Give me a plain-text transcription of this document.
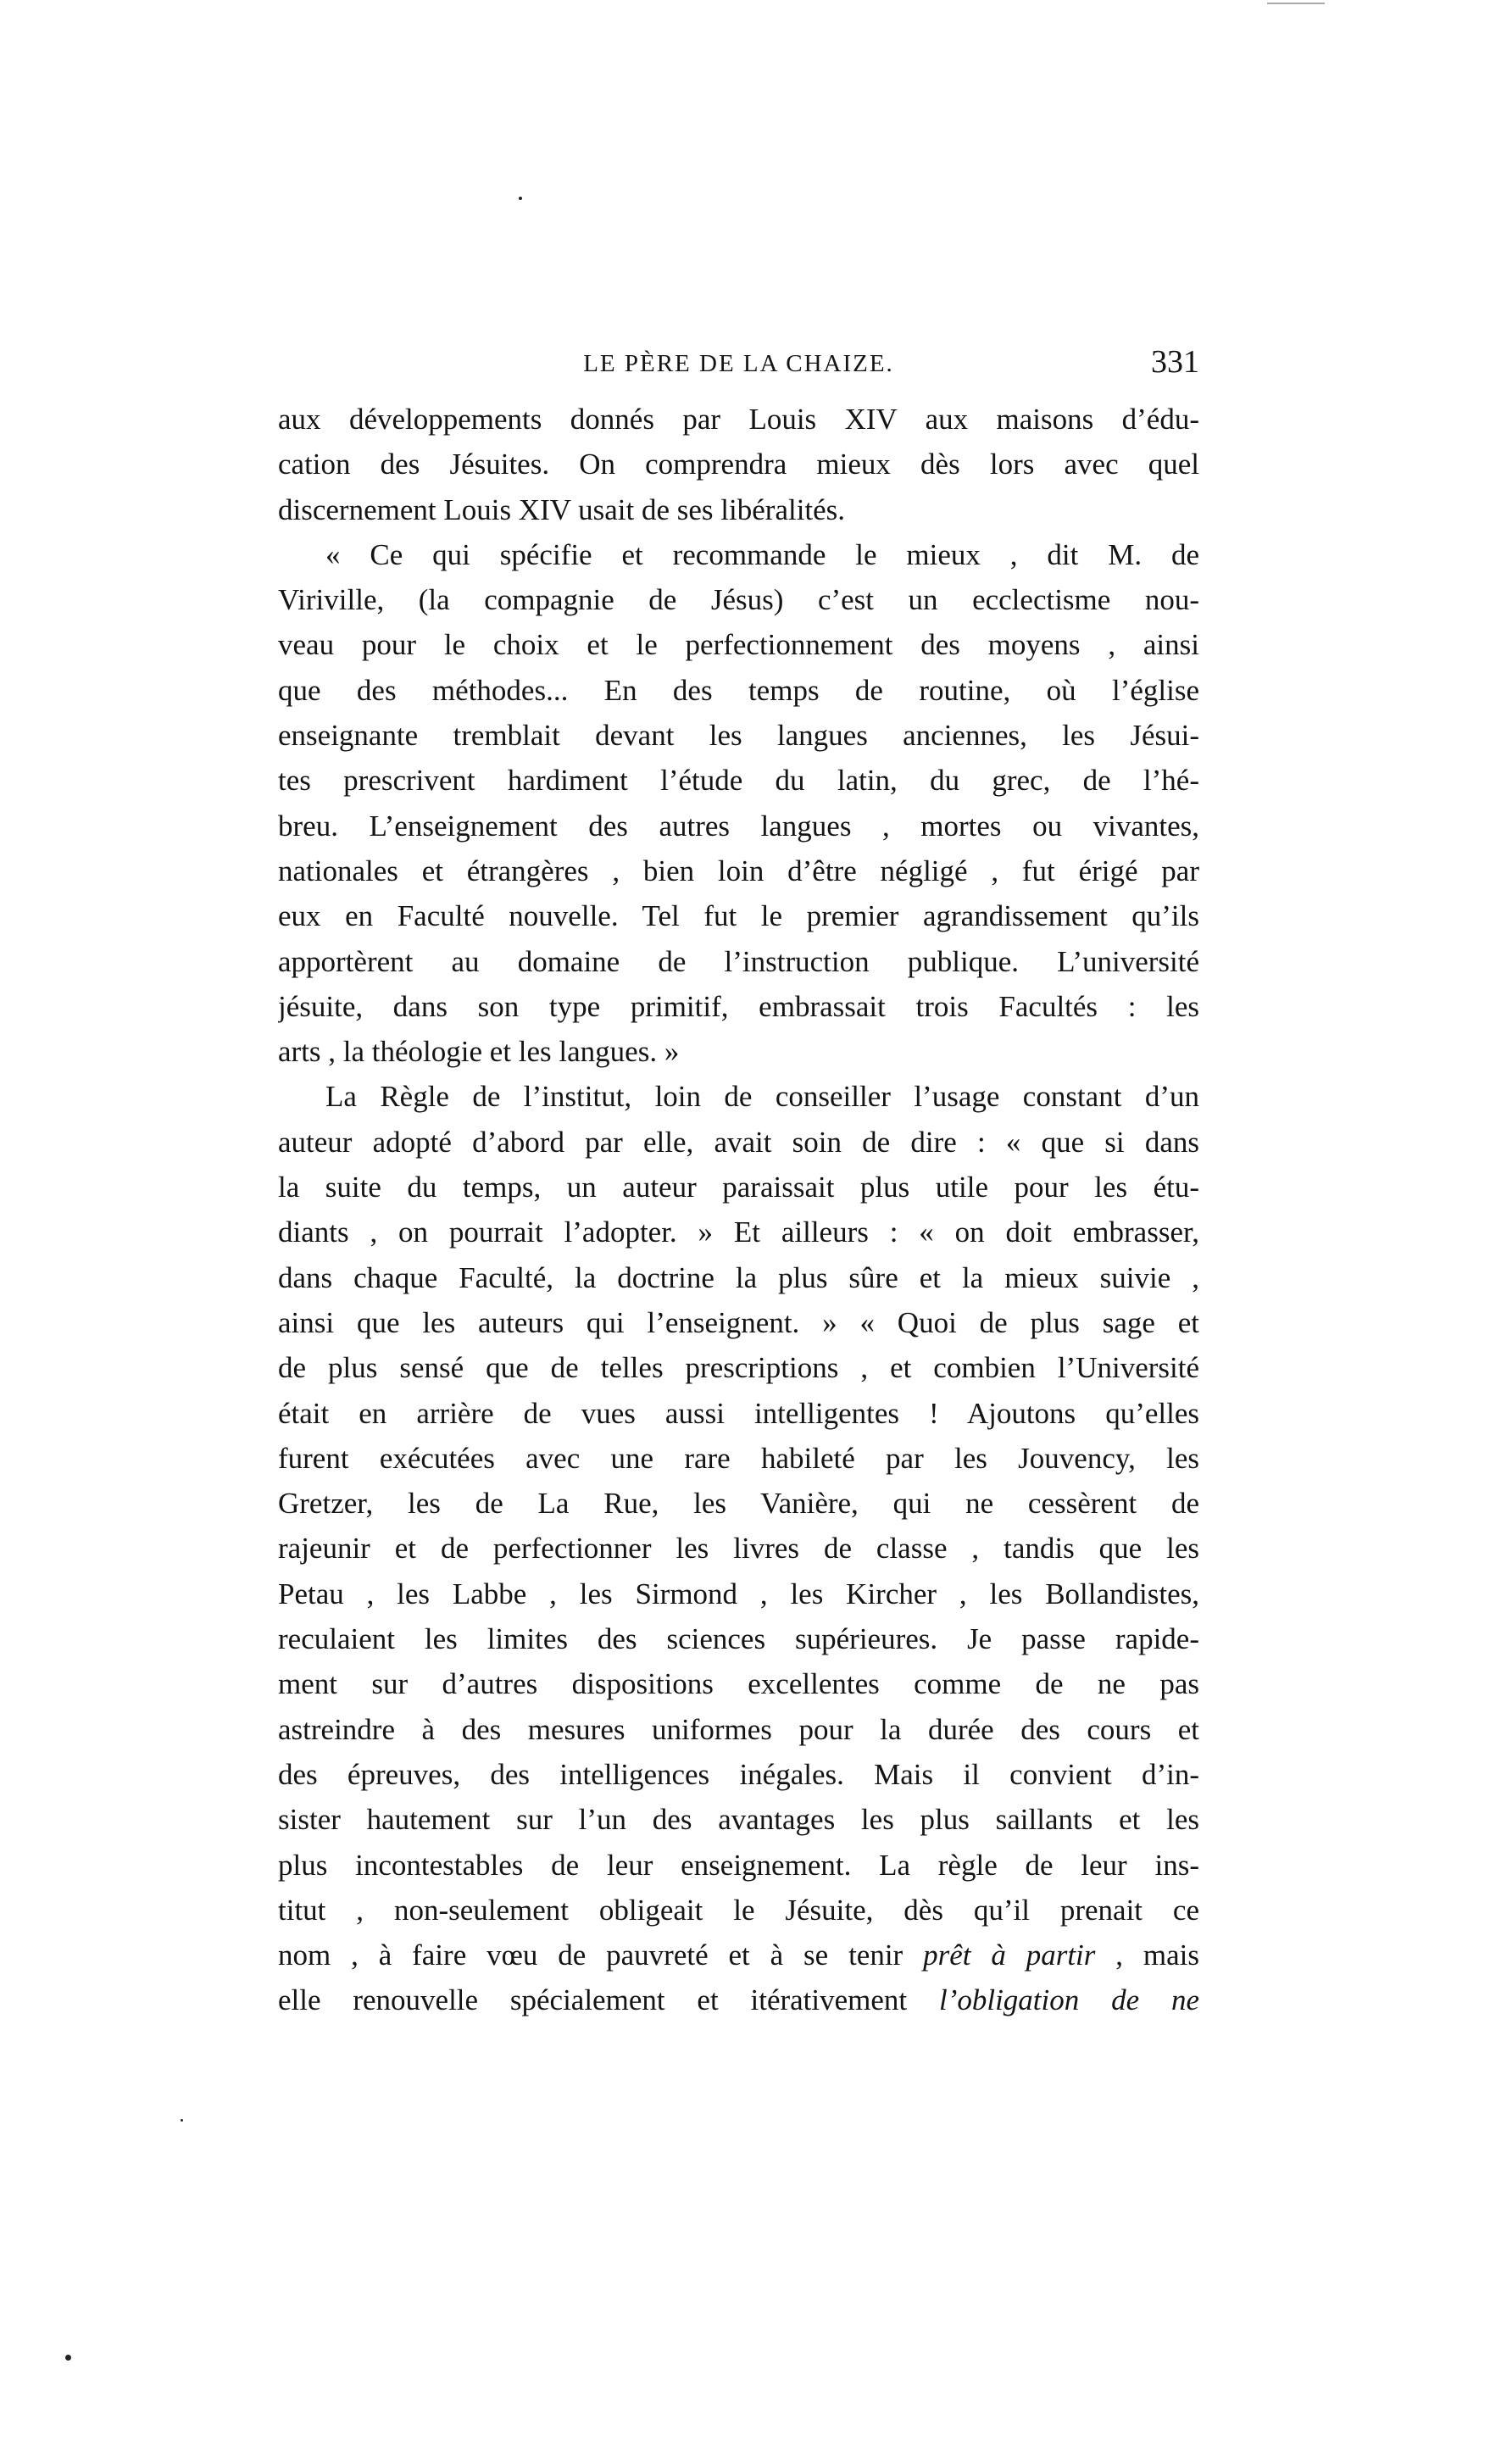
LE PÈRE DE LA CHAIZE.	331
aux développements donnés par Louis XIV aux maisons d’édu-
cation des Jésuites. On comprendra mieux dès lors avec quel
discernement Louis XIV usait de ses libéralités.
« Ce qui spécifie et recommande le mieux , dit M. de
Viriville, (la compagnie de Jésus) c’est un ecclectisme nou-
veau pour le choix et le perfectionnement des moyens , ainsi
que des méthodes... En des temps de routine, où l’église
enseignante tremblait devant les langues anciennes, les Jésui-
tes prescrivent hardiment l’étude du latin, du grec, de l’hé-
breu. L’enseignement des autres langues , mortes ou vivantes,
nationales et étrangères , bien loin d’être négligé , fut érigé par
eux en Faculté nouvelle. Tel fut le premier agrandissement qu’ils
apportèrent au domaine de l’instruction publique. L’université
jésuite, dans son type primitif, embrassait trois Facultés : les
arts , la théologie et les langues. »
La Règle de l’institut, loin de conseiller l’usage constant d’un
auteur adopté d’abord par elle, avait soin de dire : « que si dans
la suite du temps, un auteur paraissait plus utile pour les étu-
diants , on pourrait l’adopter. » Et ailleurs : « on doit embrasser,
dans chaque Faculté, la doctrine la plus sûre et la mieux suivie ,
ainsi que les auteurs qui l’enseignent. » « Quoi de plus sage et
de plus sensé que de telles prescriptions , et combien l’Université
était en arrière de vues aussi intelligentes ! Ajoutons qu’elles
furent exécutées avec une rare habileté par les Jouvency, les
Gretzer, les de La Rue, les Vanière, qui ne cessèrent de
rajeunir et de perfectionner les livres de classe , tandis que les
Petau , les Labbe , les Sirmond , les Kircher , les Bollandistes,
reculaient les limites des sciences supérieures. Je passe rapide-
ment sur d’autres dispositions excellentes comme de ne pas
astreindre à des mesures uniformes pour la durée des cours et
des épreuves, des intelligences inégales. Mais il convient d’in-
sister hautement sur l’un des avantages les plus saillants et les
plus incontestables de leur enseignement. La règle de leur ins-
titut , non-seulement obligeait le Jésuite, dès qu’il prenait ce
nom , à faire vœu de pauvreté et à se tenir prêt à partir , mais
elle renouvelle spécialement et itérativement l’obligation de ne
